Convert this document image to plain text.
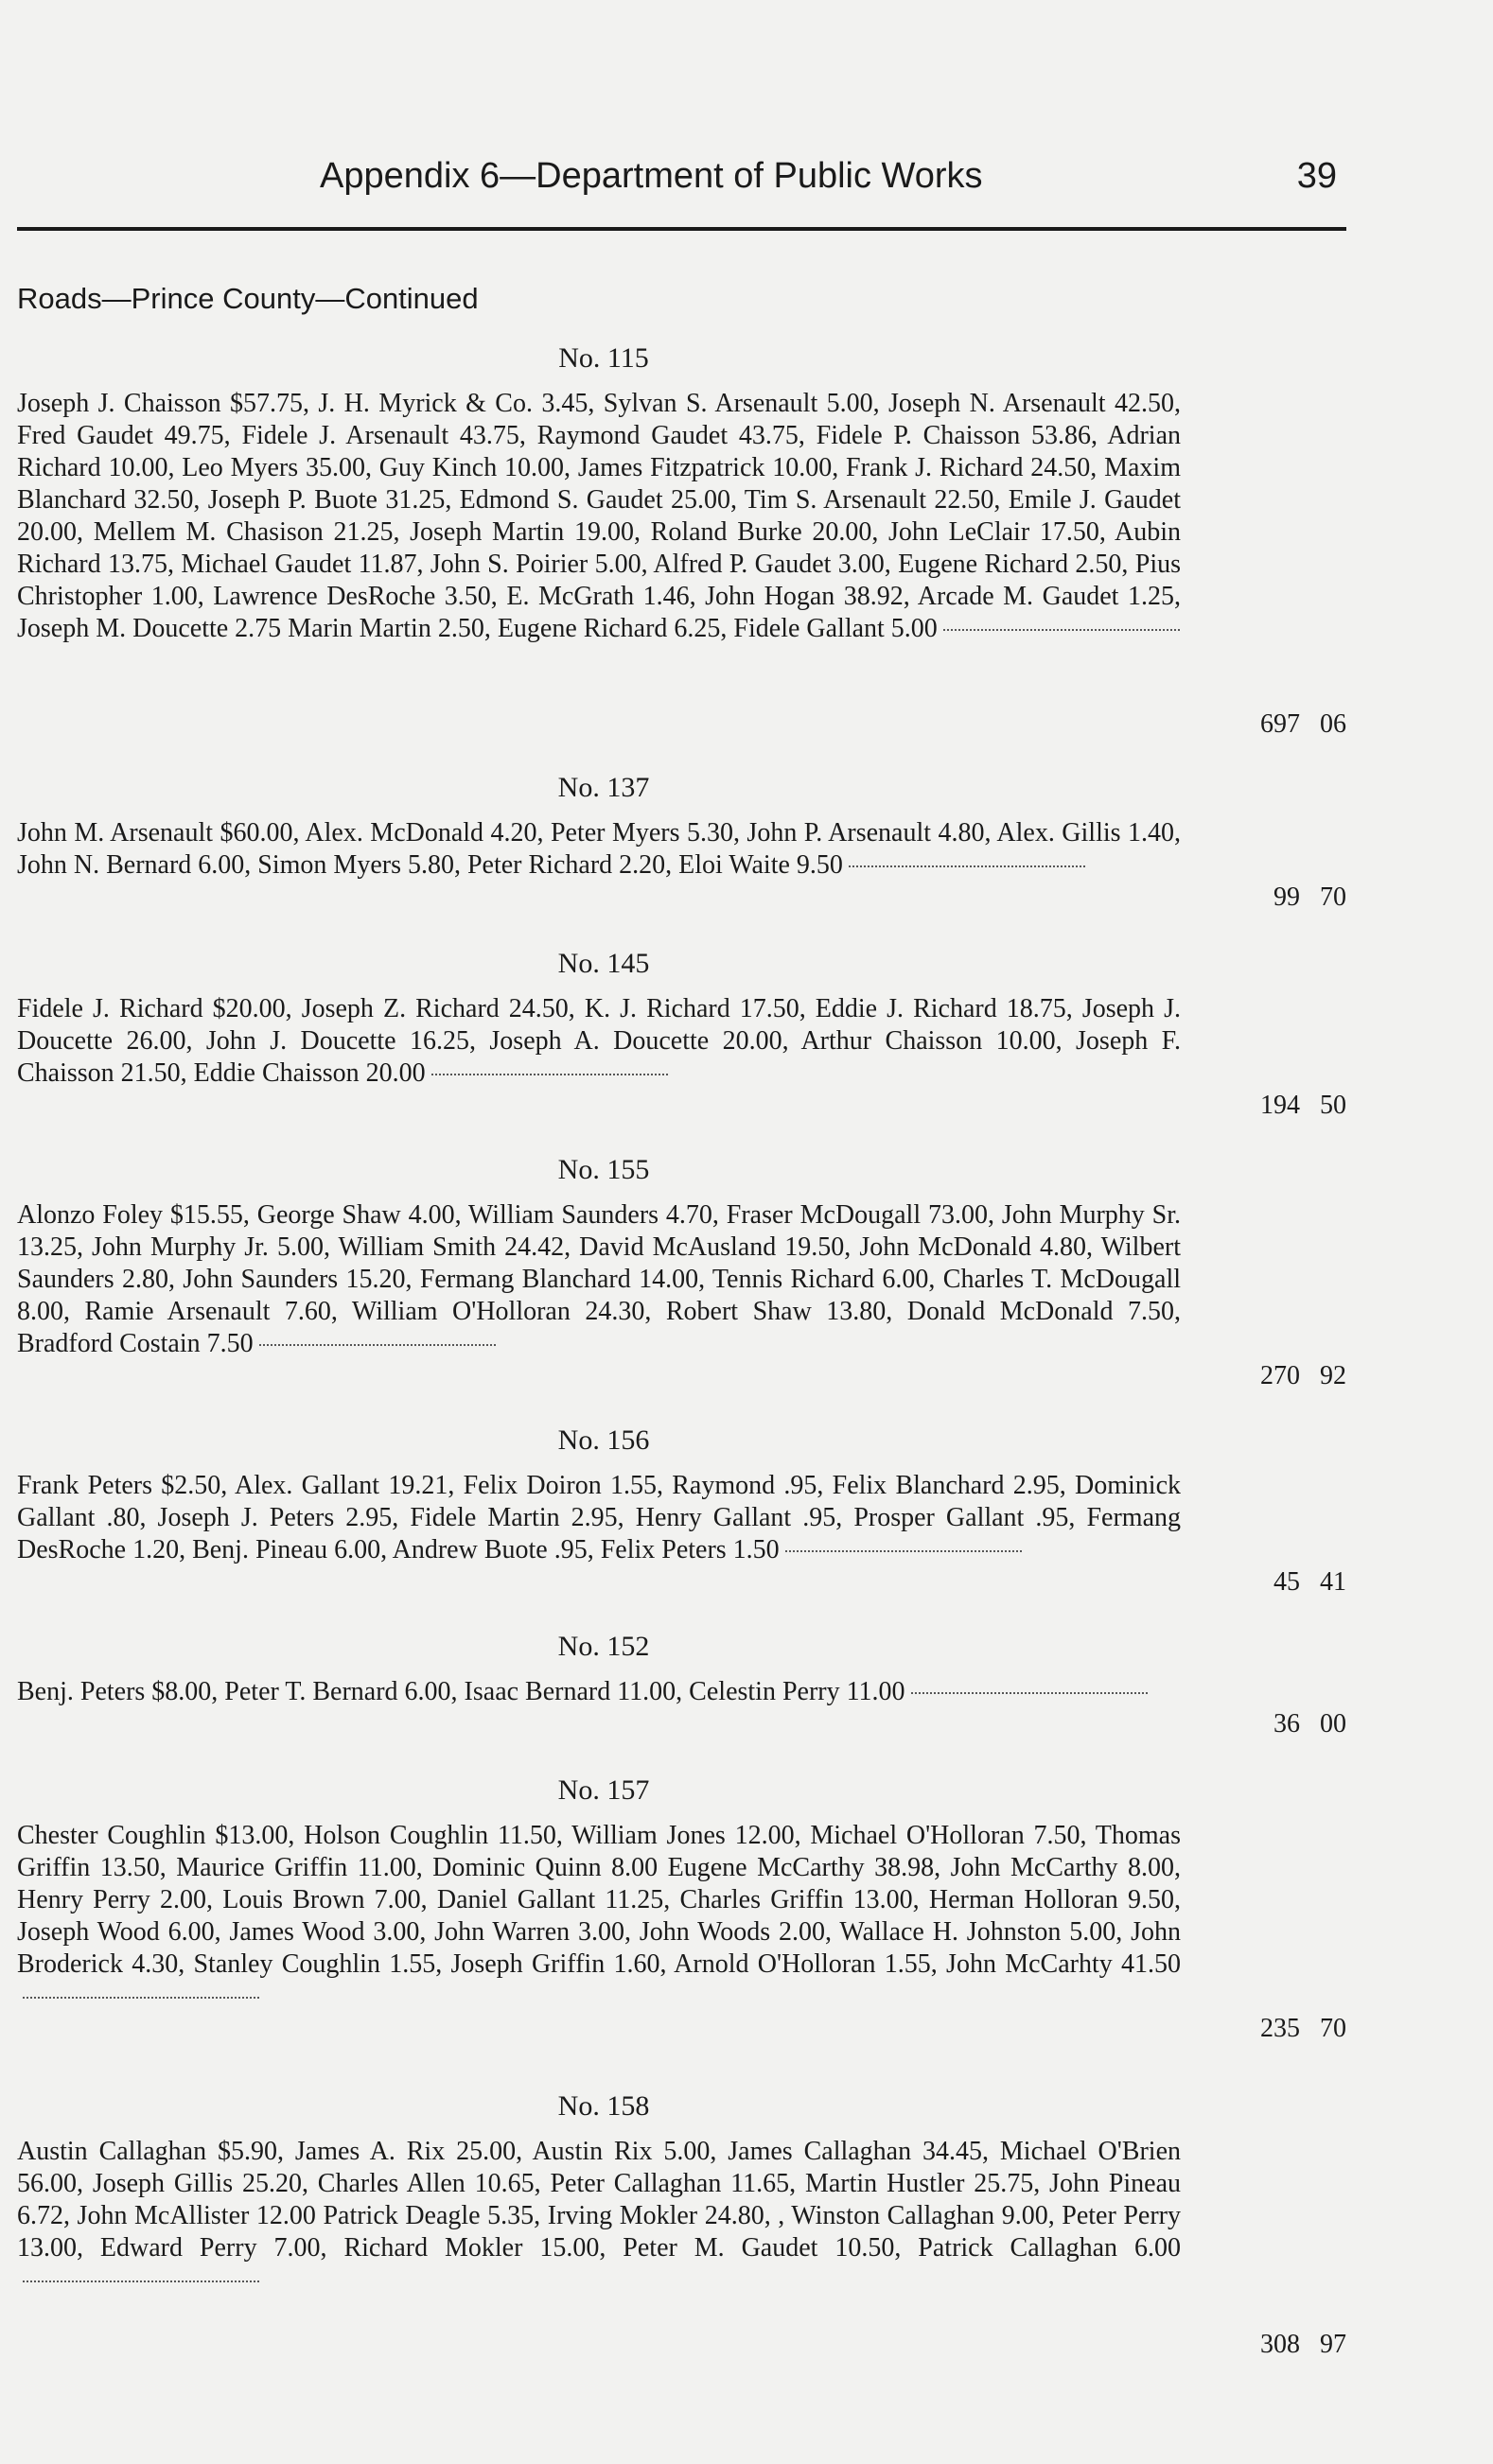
Appendix 6—Department of Public Works	39
Roads—Prince County—Continued
No. 115
Joseph J. Chaisson $57.75, J. H. Myrick & Co. 3.45, Sylvan S. Arsenault 5.00, Joseph N. Arsenault 42.50, Fred Gaudet 49.75, Fidele J. Arsenault 43.75, Raymond Gaudet 43.75, Fidele P. Chaisson 53.86, Adrian Richard 10.00, Leo Myers 35.00, Guy Kinch 10.00, James Fitzpatrick 10.00, Frank J. Richard 24.50, Maxim Blanchard 32.50, Joseph P. Buote 31.25, Edmond S. Gaudet 25.00, Tim S. Arsenault 22.50, Emile J. Gaudet 20.00, Mellem M. Chasison 21.25, Joseph Martin 19.00, Roland Burke 20.00, John LeClair 17.50, Aubin Richard 13.75, Michael Gaudet 11.87, John S. Poirier 5.00, Alfred P. Gaudet 3.00, Eugene Richard 2.50, Pius Christopher 1.00, Lawrence DesRoche 3.50, E. McGrath 1.46, John Hogan 38.92, Arcade M. Gaudet 1.25, Joseph M. Doucette 2.75 Marin Martin 2.50, Eugene Richard 6.25, Fidele Gallant 5.00
697 06
No. 137
John M. Arsenault $60.00, Alex. McDonald 4.20, Peter Myers 5.30, John P. Arsenault 4.80, Alex. Gillis 1.40, John N. Bernard 6.00, Simon Myers 5.80, Peter Richard 2.20, Eloi Waite 9.50
99 70
No. 145
Fidele J. Richard $20.00, Joseph Z. Richard 24.50, K. J. Richard 17.50, Eddie J. Richard 18.75, Joseph J. Doucette 26.00, John J. Doucette 16.25, Joseph A. Doucette 20.00, Arthur Chaisson 10.00, Joseph F. Chaisson 21.50, Eddie Chaisson 20.00
194 50
No. 155
Alonzo Foley $15.55, George Shaw 4.00, William Saunders 4.70, Fraser McDougall 73.00, John Murphy Sr. 13.25, John Murphy Jr. 5.00, William Smith 24.42, David McAusland 19.50, John McDonald 4.80, Wilbert Saunders 2.80, John Saunders 15.20, Fermang Blanchard 14.00, Tennis Richard 6.00, Charles T. McDougall 8.00, Ramie Arsenault 7.60, William O'Holloran 24.30, Robert Shaw 13.80, Donald McDonald 7.50, Bradford Costain 7.50
270 92
No. 156
Frank Peters $2.50, Alex. Gallant 19.21, Felix Doiron 1.55, Raymond .95, Felix Blanchard 2.95, Dominick Gallant .80, Joseph J. Peters 2.95, Fidele Martin 2.95, Henry Gallant .95, Prosper Gallant .95, Fermang DesRoche 1.20, Benj. Pineau 6.00, Andrew Buote .95, Felix Peters 1.50
45 41
No. 152
Benj. Peters $8.00, Peter T. Bernard 6.00, Isaac Bernard 11.00, Celestin Perry 11.00
36 00
No. 157
Chester Coughlin $13.00, Holson Coughlin 11.50, William Jones 12.00, Michael O'Holloran 7.50, Thomas Griffin 13.50, Maurice Griffin 11.00, Dominic Quinn 8.00 Eugene McCarthy 38.98, John McCarthy 8.00, Henry Perry 2.00, Louis Brown 7.00, Daniel Gallant 11.25, Charles Griffin 13.00, Herman Holloran 9.50, Joseph Wood 6.00, James Wood 3.00, John Warren 3.00, John Woods 2.00, Wallace H. Johnston 5.00, John Broderick 4.30, Stanley Coughlin 1.55, Joseph Griffin 1.60, Arnold O'Holloran 1.55, John McCarhty 41.50
235 70
No. 158
Austin Callaghan $5.90, James A. Rix 25.00, Austin Rix 5.00, James Callaghan 34.45, Michael O'Brien 56.00, Joseph Gillis 25.20, Charles Allen 10.65, Peter Callaghan 11.65, Martin Hustler 25.75, John Pineau 6.72, John McAllister 12.00 Patrick Deagle 5.35, Irving Mokler 24.80, , Winston Callaghan 9.00, Peter Perry 13.00, Edward Perry 7.00, Richard Mokler 15.00, Peter M. Gaudet 10.50, Patrick Callaghan 6.00
308 97
